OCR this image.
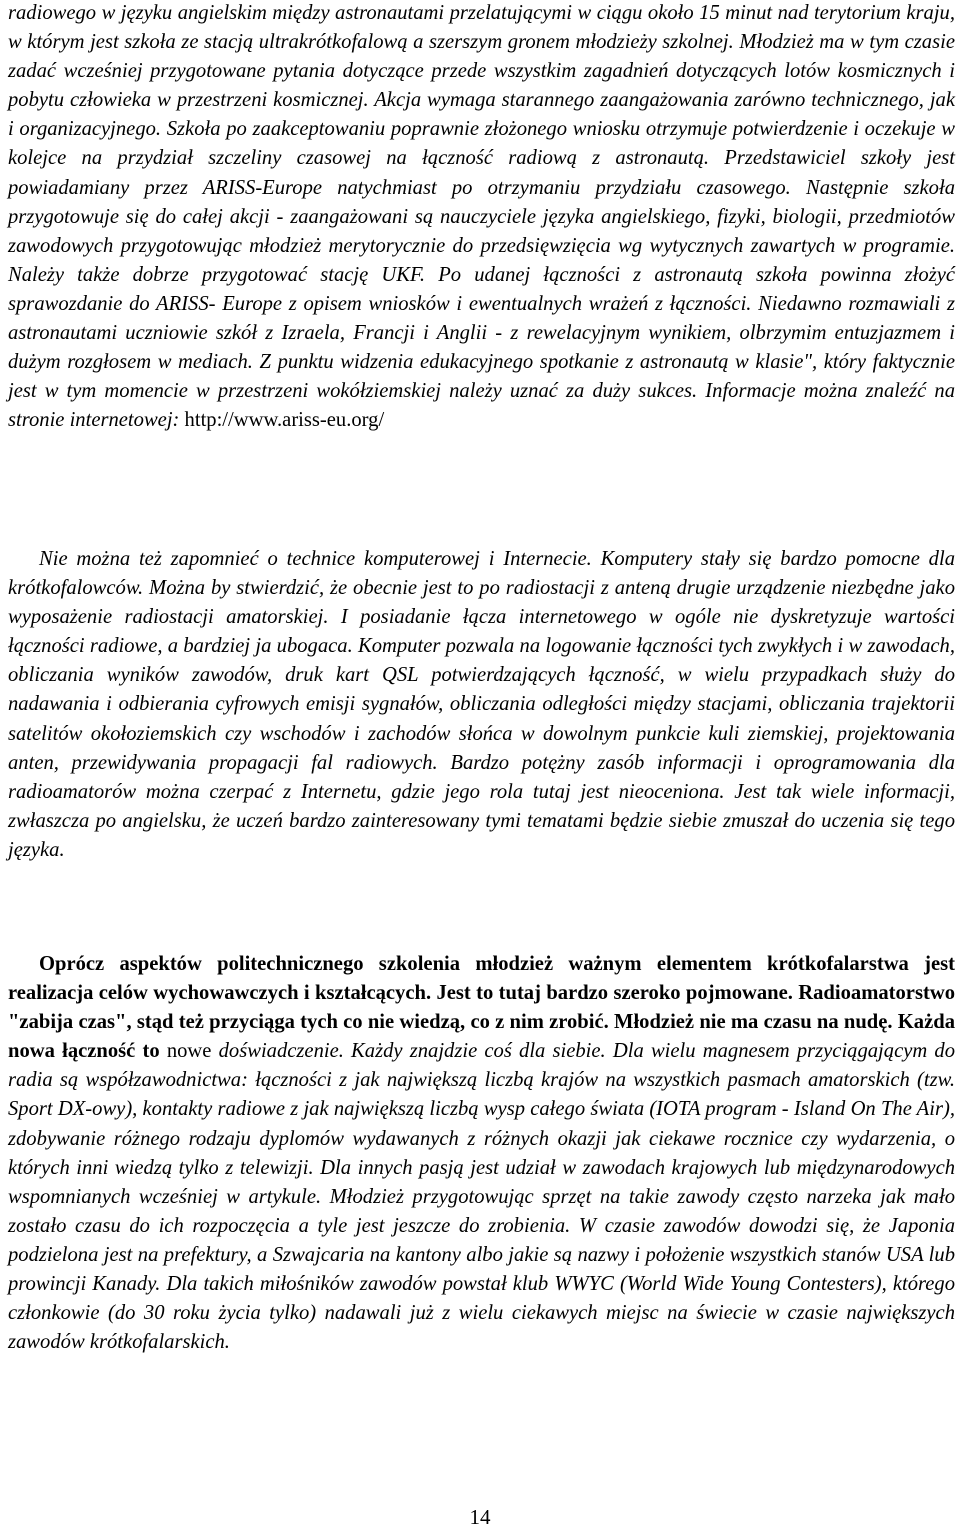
radiowego w języku angielskim między astronautami przelatującymi w ciągu około 15 minut nad terytorium kraju, w którym jest szkoła ze stacją ultrakrótkofalową a szerszym gronem młodzieży szkolnej. Młodzież ma w tym czasie zadać wcześniej przygotowane pytania dotyczące przede wszystkim zagadnień dotyczących lotów kosmicznych i pobytu człowieka w przestrzeni kosmicznej. Akcja wymaga starannego zaangażowania zarówno technicznego, jak i organizacyjnego. Szkoła po zaakceptowaniu poprawnie złożonego wniosku otrzymuje potwierdzenie i oczekuje w kolejce na przydział szczeliny czasowej na łączność radiową z astronautą. Przedstawiciel szkoły jest powiadamiany przez ARISS-Europe natychmiast po otrzymaniu przydziału czasowego. Następnie szkoła przygotowuje się do całej akcji - zaangażowani są nauczyciele języka angielskiego, fizyki, biologii, przedmiotów zawodowych przygotowując młodzież merytorycznie do przedsięwzięcia wg wytycznych zawartych w programie. Należy także dobrze przygotować stację UKF. Po udanej łączności z astronautą szkoła powinna złożyć sprawozdanie do ARISS- Europe z opisem wniosków i ewentualnych wrażeń z łączności. Niedawno rozmawiali z astronautami uczniowie szkół z Izraela, Francji i Anglii - z rewelacyjnym wynikiem, olbrzymim entuzjazmem i dużym rozgłosem w mediach. Z punktu widzenia edukacyjnego spotkanie z astronautą w klasie", który faktycznie jest w tym momencie w przestrzeni wokółziemskiej należy uznać za duży sukces. Informacje można znaleźć na stronie internetowej: http://www.ariss-eu.org/

Nie można też zapomnieć o technice komputerowej i Internecie. Komputery stały się bardzo pomocne dla krótkofalowców. Można by stwierdzić, że obecnie jest to po radiostacji z anteną drugie urządzenie niezbędne jako wyposażenie radiostacji amatorskiej. I posiadanie łącza internetowego w ogóle nie dyskretyzuje wartości łączności radiowe, a bardziej ja ubogaca. Komputer pozwala na logowanie łączności tych zwykłych i w zawodach, obliczania wyników zawodów, druk kart QSL potwierdzających łączność, w wielu przypadkach służy do nadawania i odbierania cyfrowych emisji sygnałów, obliczania odległości między stacjami, obliczania trajektorii satelitów okołoziemskich czy wschodów i zachodów słońca w dowolnym punkcie kuli ziemskiej, projektowania anten, przewidywania propagacji fal radiowych. Bardzo potężny zasób informacji i oprogramowania dla radioamatorów można czerpać z Internetu, gdzie jego rola tutaj jest nieoceniona. Jest tak wiele informacji, zwłaszcza po angielsku, że uczeń bardzo zainteresowany tymi tematami będzie siebie zmuszał do uczenia się tego języka.

Oprócz aspektów politechnicznego szkolenia młodzież ważnym elementem krótkofalarstwa jest realizacja celów wychowawczych i kształcących. Jest to tutaj bardzo szeroko pojmowane. Radioamatorstwo "zabija czas", stąd też przyciąga tych co nie wiedzą, co z nim zrobić. Młodzież nie ma czasu na nudę. Każda nowa łączność to nowe doświadczenie. Każdy znajdzie coś dla siebie. Dla wielu magnesem przyciągającym do radia są współzawodnictwa: łączności z jak największą liczbą krajów na wszystkich pasmach amatorskich (tzw. Sport DX-owy), kontakty radiowe z jak największą liczbą wysp całego świata (IOTA program - Island On The Air), zdobywanie różnego rodzaju dyplomów wydawanych z różnych okazji jak ciekawe rocznice czy wydarzenia, o których inni wiedzą tylko z telewizji. Dla innych pasją jest udział w zawodach krajowych lub międzynarodowych wspomnianych wcześniej w artykule. Młodzież przygotowując sprzęt na takie zawody często narzeka jak mało zostało czasu do ich rozpoczęcia a tyle jest jeszcze do zrobienia. W czasie zawodów dowodzi się, że Japonia podzielona jest na prefektury, a Szwajcaria na kantony albo jakie są nazwy i położenie wszystkich stanów USA lub prowincji Kanady. Dla takich miłośników zawodów powstał klub WWYC (World Wide Young Contesters), którego członkowie (do 30 roku życia tylko) nadawali już z wielu ciekawych miejsc na świecie w czasie największych zawodów krótkofalarskich.

14
